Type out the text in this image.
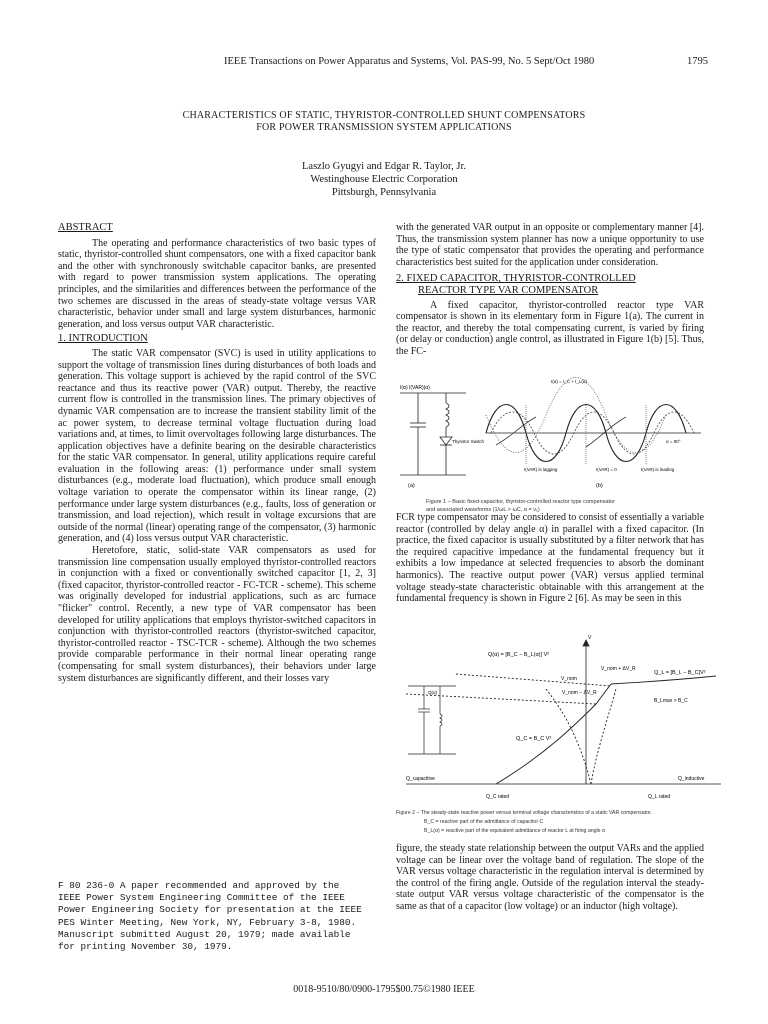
IEEE Transactions on Power Apparatus and Systems, Vol. PAS-99, No. 5 Sept/Oct 1980	1795
CHARACTERISTICS OF STATIC, THYRISTOR-CONTROLLED SHUNT COMPENSATORS
FOR POWER TRANSMISSION SYSTEM APPLICATIONS
Laszlo Gyugyi and Edgar R. Taylor, Jr.
Westinghouse Electric Corporation
Pittsburgh, Pennsylvania
ABSTRACT

The operating and performance characteristics of two basic types of static, thyristor-controlled shunt compensators, one with a fixed capacitor bank and the other with synchronously switchable capacitor banks, are presented with regard to power transmission system applications. The operating principles, and the similarities and differences between the performance of the two schemes are discussed in the areas of steady-state voltage versus VAR characteristic, behavior under small and large system disturbances, harmonic generation, and loss versus output VAR characteristic.

1. INTRODUCTION

The static VAR compensator (SVC) is used in utility applications to support the voltage of transmission lines during disturbances of both loads and generation. This voltage support is achieved by the rapid control of the SVC reactance and thus its reactive power (VAR) output. Thereby, the reactive current flow is controlled in the transmission lines. The primary objectives of dynamic VAR compensation are to increase the transient stability limit of the ac power system, to decrease terminal voltage fluctuation during load variations and, at times, to limit overvoltages following large disturbances. The application objectives have a definite bearing on the desirable characteristics for the static VAR compensator. In general, utility applications require careful evaluation in the following areas: (1) performance under small system disturbances (e.g., moderate load fluctuation), which produce small enough voltage variation to operate the compensator within its linear range, (2) performance under large system disturbances (e.g., faults, loss of generation or transmission, and load rejection), which result in voltage excursions that are outside of the normal (linear) operating range of the compensator, (3) harmonic generation, and (4) loss versus output VAR characteristic.

Heretofore, static, solid-state VAR compensators as used for transmission line compensation usually employed thyristor-controlled reactors in conjunction with a fixed or conventionally switched capacitor [1, 2, 3] (fixed capacitor, thyristor-controlled reactor - FC-TCR - scheme). This scheme was originally developed for industrial applications, such as arc furnace "flicker" control. Recently, a new type of VAR compensator has been developed for utility applications that employs thyristor-switched capacitors in conjunction with thyristor-controlled reactors (thyristor-switched capacitor, thyristor-controlled reactor - TSC-TCR - scheme). Although the two schemes provide comparable performance in their normal linear operating range (compensating for small system disturbances), their behaviors under large system disturbances are significantly different, and their losses vary

F 80 236-0 A paper recommended and approved by the
IEEE Power System Engineering Committee of the IEEE
Power Engineering Society for presentation at the IEEE
PES Winter Meeting, New York, NY, February 3-8, 1980.
Manuscript submitted August 20, 1979; made available
for printing November 30, 1979.

with the generated VAR output in an opposite or complementary manner [4]. Thus, the transmission system planner has now a unique opportunity to use the type of static compensator that provides the operating and performance characteristics best suited for the application under consideration.

2. FIXED CAPACITOR, THYRISTOR-CONTROLLED
REACTOR TYPE VAR COMPENSATOR

A fixed capacitor, thyristor-controlled reactor type VAR compensator is shown in its elementary form in Figure 1(a). The current in the reactor, and thereby the total compensating current, is varied by firing (or delay or conduction) angle control, as illustrated in Figure 1(b) [5]. Thus, the FC-

Thyristor Switch
I(α) I(VAR)(α)
(a)
I(α) = I_C + I_L(α)
I(VAR) is lagging	I(VAR) = 0	I(VAR) is leading
α = 90°
(b)
Figure 1 – Basic fixed-capacitor, thyristor-controlled reactor type compensator
and associated waveforms (1/ωL > ωC, α = ν₁)

FCR type compensator may be considered to consist of essentially a variable reactor (controlled by delay angle α) in parallel with a fixed capacitor. (In practice, the fixed capacitor is usually substituted by a filter network that has the required capacitive impedance at the fundamental frequency but it exhibits a low impedance at selected frequencies to absorb the dominant harmonics). The reactive output power (VAR) versus applied terminal voltage steady-state characteristic obtainable with this arrangement at the fundamental frequency is shown in Figure 2 [6]. As may be seen in this

V
Q(α) = [B_C − B_L(α)] V²
V_nom + ΔV_R
V_nom
V_nom − ΔV_R
Q_L = [B_L − B_C]V²
B_Lmax > B_C
Q_C = B_C V²
Q(α)
Q_capacitive	Q_inductive
Q_C rated	Q_L rated
Figure 2 – The steady-state reactive power versus terminal voltage characteristics of a static VAR compensator.
B_C = reactive part of the admittance of capacitor C
B_L(α) = reactive part of the equivalent admittance of reactor L at firing angle α

figure, the steady state relationship between the output VARs and the applied voltage can be linear over the voltage band of regulation. The slope of the VAR versus voltage characteristic in the regulation interval is determined by the control of the firing angle. Outside of the regulation interval the steady-state output VAR versus voltage characteristic of the compensator is the same as that of a capacitor (low voltage) or an inductor (high voltage).

0018-9510/80/0900-1795$00.75©1980 IEEE
